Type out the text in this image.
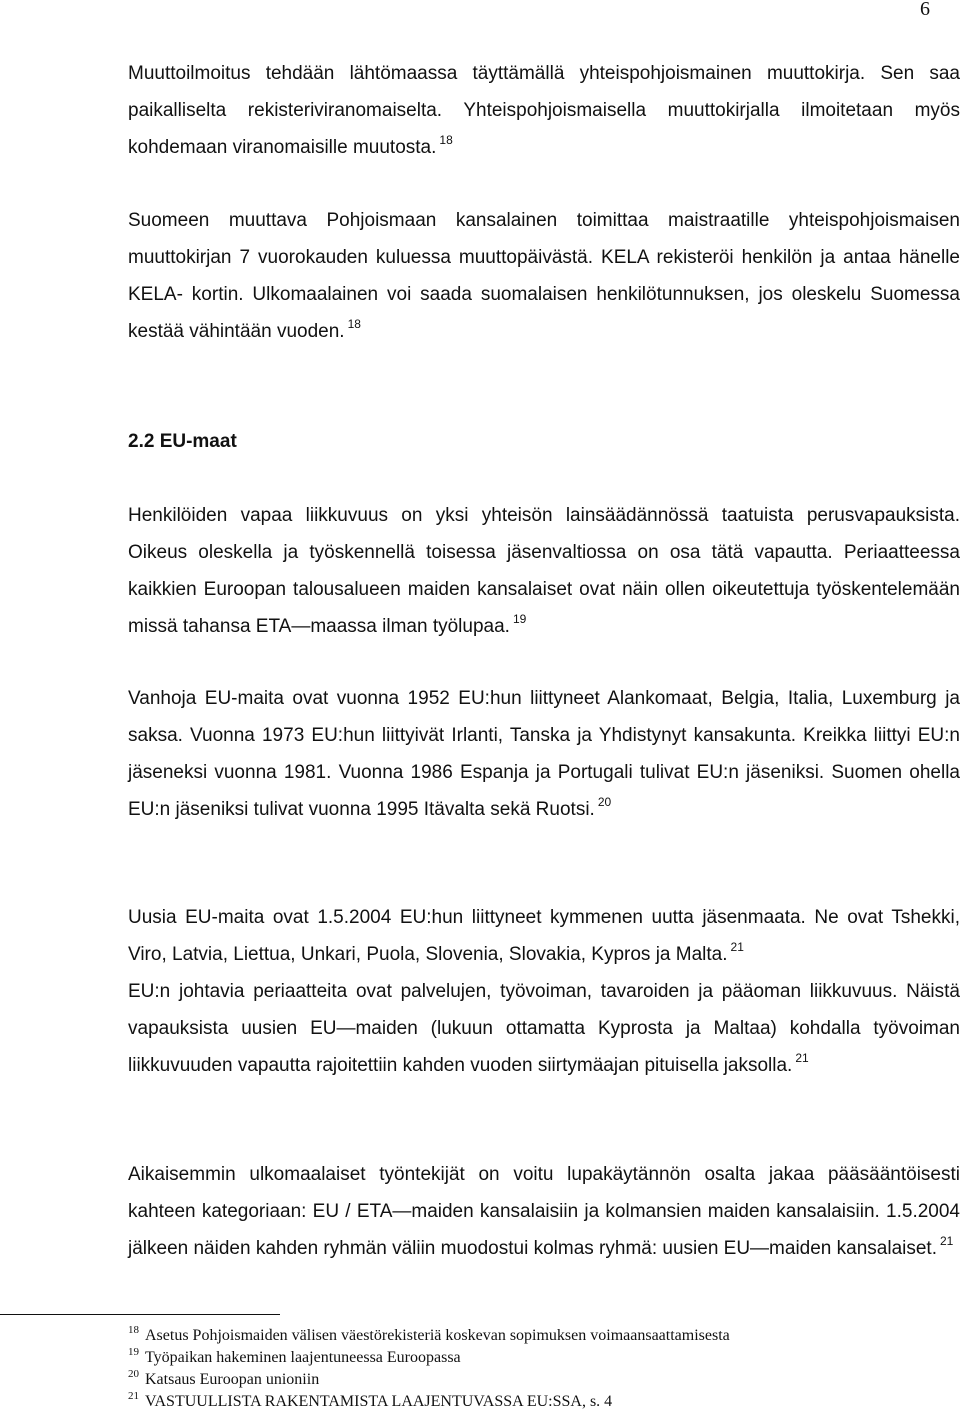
6

Muuttoilmoitus tehdään lähtömaassa täyttämällä yhteispohjoismainen muuttokirja. Sen saa paikalliselta rekisteriviranomaiselta. Yhteispohjoismaisella muuttokirjalla ilmoitetaan myös kohdemaan viranomaisille muutosta. $^{18}$

Suomeen muuttava Pohjoismaan kansalainen toimittaa maistraatille yhteispohjoismaisen muuttokirjan 7 vuorokauden kuluessa muuttopäivästä. KELA rekisteröi henkilön ja antaa hänelle KELA- kortin. Ulkomaalainen voi saada suomalaisen henkilötunnuksen, jos oleskelu Suomessa kestää vähintään vuoden. $^{18}$

2.2 EU-maat

Henkilöiden vapaa liikkuvuus on yksi yhteisön lainsäädännössä taatuista perusvapauksista. Oikeus oleskella ja työskennellä toisessa jäsenvaltiossa on osa tätä vapautta. Periaatteessa kaikkien Euroopan talousalueen maiden kansalaiset ovat näin ollen oikeutettuja työskentelemään missä tahansa ETA—maassa ilman työlupaa. $^{19}$

Vanhoja EU-maita ovat vuonna 1952 EU:hun liittyneet Alankomaat, Belgia, Italia, Luxemburg ja saksa. Vuonna 1973 EU:hun liittyivät Irlanti, Tanska ja Yhdistynyt kansakunta. Kreikka liittyi EU:n jäseneksi vuonna 1981. Vuonna 1986 Espanja ja Portugali tulivat EU:n jäseniksi. Suomen ohella EU:n jäseniksi tulivat vuonna 1995 Itävalta sekä Ruotsi. $^{20}$

Uusia EU-maita ovat 1.5.2004 EU:hun liittyneet kymmenen uutta jäsenmaata. Ne ovat Tshekki, Viro, Latvia, Liettua, Unkari, Puola, Slovenia, Slovakia, Kypros ja Malta. $^{21}$

EU:n johtavia periaatteita ovat palvelujen, työvoiman, tavaroiden ja pääoman liikkuvuus. Näistä vapauksista uusien EU—maiden (lukuun ottamatta Kyprosta ja Maltaa) kohdalla työvoiman liikkuvuuden vapautta rajoitettiin kahden vuoden siirtymäajan pituisella jaksolla. $^{21}$

Aikaisemmin ulkomaalaiset työntekijät on voitu lupakäytännön osalta jakaa pääsääntöisesti kahteen kategoriaan: EU / ETA—maiden kansalaisiin ja kolmansien maiden kansalaisiin. 1.5.2004 jälkeen näiden kahden ryhmän väliin muodostui kolmas ryhmä: uusien EU—maiden kansalaiset. $^{21}$

$^{18}$ Asetus Pohjoismaiden välisen väestörekisteriä koskevan sopimuksen voimaansaattamisesta

$^{19}$ Työpaikan hakeminen laajentuneessa Euroopassa

$^{20}$ Katsaus Euroopan unioniin

$^{21}$ VASTUULLISTA RAKENTAMISTA LAAJENTUVASSA EU:SSA, s. 4
